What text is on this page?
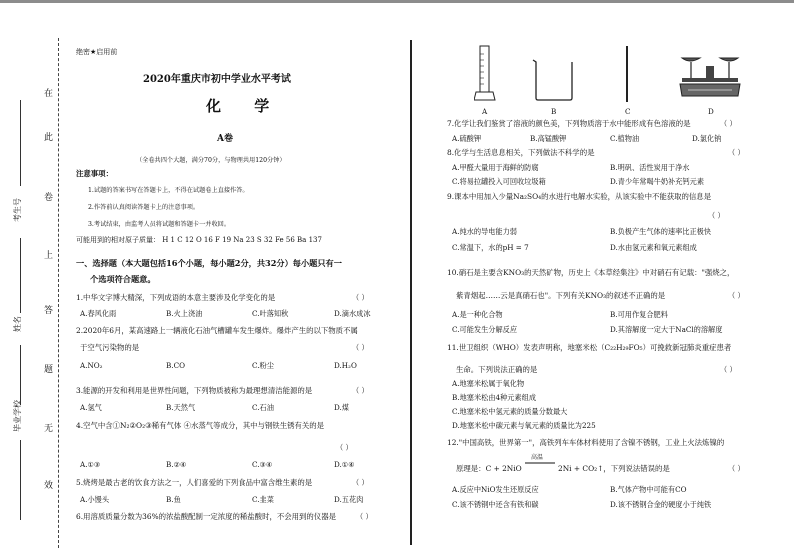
在
此
卷
上
答
题
无
效
考生号
姓名
毕业学校
绝密★启用前
2020年重庆市初中学业水平考试
化 学
A卷
（全卷共四个大题，满分70分，与物理共用120分钟）
注意事项：
1.试题的答案书写在答题卡上，不得在试题卷上直接作答。
2.作答前认真阅读答题卡上的注意事项。
3.考试结束，由监考人员将试题和答题卡一并收回。
可能用到的相对原子质量： H 1 C 12 O 16 F 19 Na 23 S 32 Fe 56 Ba 137
一、选择题（本大题包括16个小题，每小题2分，共32分）每小题只有一
个选项符合题意。
1.中华文字博大精深，下列成语的本意主要涉及化学变化的是	（ ）
A.春风化雨	B.火上浇油	C.叶落知秋	D.滴水成冰
2.2020年6月，某高速路上一辆液化石油气槽罐车发生爆炸。爆炸产生的以下物质不属
于空气污染物的是	（ ）
A.NO₂	B.CO	C.粉尘	D.H₂O
3.能源的开发和利用是世界性问题，下列物质被称为最理想清洁能源的是	（ ）
A.氢气	B.天然气	C.石油	D.煤
4.空气中含①N₂②O₂③稀有气体 ④水蒸气等成分，其中与钢铁生锈有关的是
（ ）
A.①③	B.②④	C.③④	D.①④
5.烧烤是最古老的饮食方法之一，人们喜爱的下列食品中富含维生素的是	（ ）
A.小馒头	B.鱼	C.韭菜	D.五花肉
6.用溶质质量分数为36%的浓盐酸配制一定浓度的稀盐酸时，不会用到的仪器是	（ ）
A	B	C	D
7.化学让我们鉴赏了溶液的颜色美，下列物质溶于水中能形成有色溶液的是	（ ）
A.硫酸钾	B.高锰酸钾	C.植物油	D.氯化钠
8.化学与生活息息相关，下列做法不科学的是	（ ）
A.甲醛大量用于海鲜的防腐	B.明矾、活性炭用于净水
C.将易拉罐投入可回收垃圾箱	D.青少年常喝牛奶补充钙元素
9.课本中用加入少量Na₂SO₄的水进行电解水实验，从该实验中不能获取的信息是
（ ）
A.纯水的导电能力弱	B.负极产生气体的速率比正极快
C.常温下，水的pH = 7	D.水由氢元素和氧元素组成
10.硝石是主要含KNO₃的天然矿物，历史上《本草经集注》中对硝石有记载："强烧之，
紫青烟起……云是真硝石也"。下列有关KNO₃的叙述不正确的是	（ ）
A.是一种化合物	B.可用作复合肥料
C.可能发生分解反应	D.其溶解度一定大于NaCl的溶解度
11.世卫组织（WHO）发表声明称，地塞米松（C₂₂H₂₉FO₅）可挽救新冠肺炎重症患者
生命。下列说法正确的是	（ ）
A.地塞米松属于氧化物
B.地塞米松由4种元素组成
C.地塞米松中氢元素的质量分数最大
D.地塞米松中碳元素与氧元素的质量比为225
12."中国高铁，世界第一"，高铁列车车体材料使用了含镍不锈钢，工业上火法炼镍的
原理是：C + 2NiO
高温
2Ni + CO₂↑，下列说法错误的是	（ ）
A.反应中NiO发生还原反应	B.气体产物中可能有CO
C.该不锈钢中还含有铁和碳	D.该不锈钢合金的硬度小于纯铁
